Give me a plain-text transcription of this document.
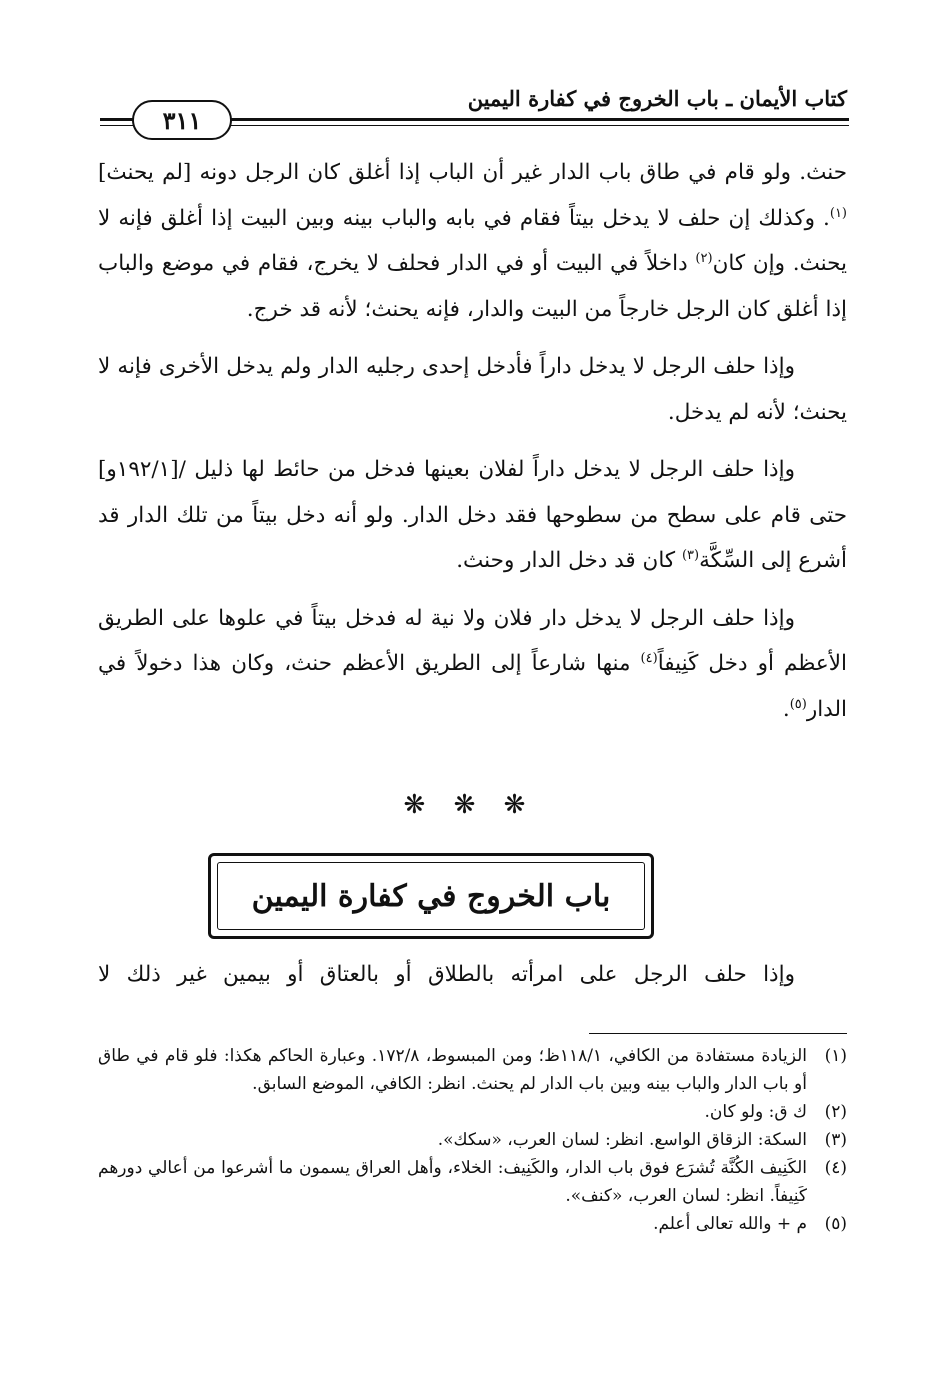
كتاب الأيمان ـ باب الخروج في كفارة اليمين
٣١١

حنث. ولو قام في طاق باب الدار غير أن الباب إذا أغلق كان الرجل دونه [لم يحنث]$^{(١)}$. وكذلك إن حلف لا يدخل بيتاً فقام في بابه والباب بينه وبين البيت إذا أغلق فإنه لا يحنث. وإن كان$^{(٢)}$ داخلاً في البيت أو في الدار فحلف لا يخرج، فقام في موضع والباب إذا أغلق كان الرجل خارجاً من البيت والدار، فإنه يحنث؛ لأنه قد خرج.

وإذا حلف الرجل لا يدخل داراً فأدخل إحدى رجليه الدار ولم يدخل الأخرى فإنه لا يحنث؛ لأنه لم يدخل.

وإذا حلف الرجل لا يدخل داراً لفلان بعينها فدخل من حائط لها ذليل /[١٩٢/١و] حتى قام على سطح من سطوحها فقد دخل الدار. ولو أنه دخل بيتاً من تلك الدار قد أشرع إلى السِّكَّة$^{(٣)}$ كان قد دخل الدار وحنث.

وإذا حلف الرجل لا يدخل دار فلان ولا نية له فدخل بيتاً في علوها على الطريق الأعظم أو دخل كَنِيفاً$^{(٤)}$ منها شارعاً إلى الطريق الأعظم حنث، وكان هذا دخولاً في الدار$^{(٥)}$.

❋ ❋ ❋
باب الخروج في كفارة اليمين
وإذا حلف الرجل على امرأته بالطلاق أو بالعتاق أو بيمين غير ذلك لا
(١)
الزيادة مستفادة من الكافي، ١١٨/١ظ؛ ومن المبسوط، ١٧٢/٨. وعبارة الحاكم هكذا: فلو قام في طاق أو باب الدار والباب بينه وبين باب الدار لم يحنث. انظر: الكافي، الموضع السابق.
(٢)
ك ق: ولو كان.
(٣)
السكة: الزقاق الواسع. انظر: لسان العرب، «سكك».
(٤)
الكَنِيف الكُنَّة تُشرَع فوق باب الدار، والكَنِيف: الخلاء، وأهل العراق يسمون ما أشرعوا من أعالي دورهم كَنِيفاً. انظر: لسان العرب، «كنف».
(٥)
م + والله تعالى أعلم.
